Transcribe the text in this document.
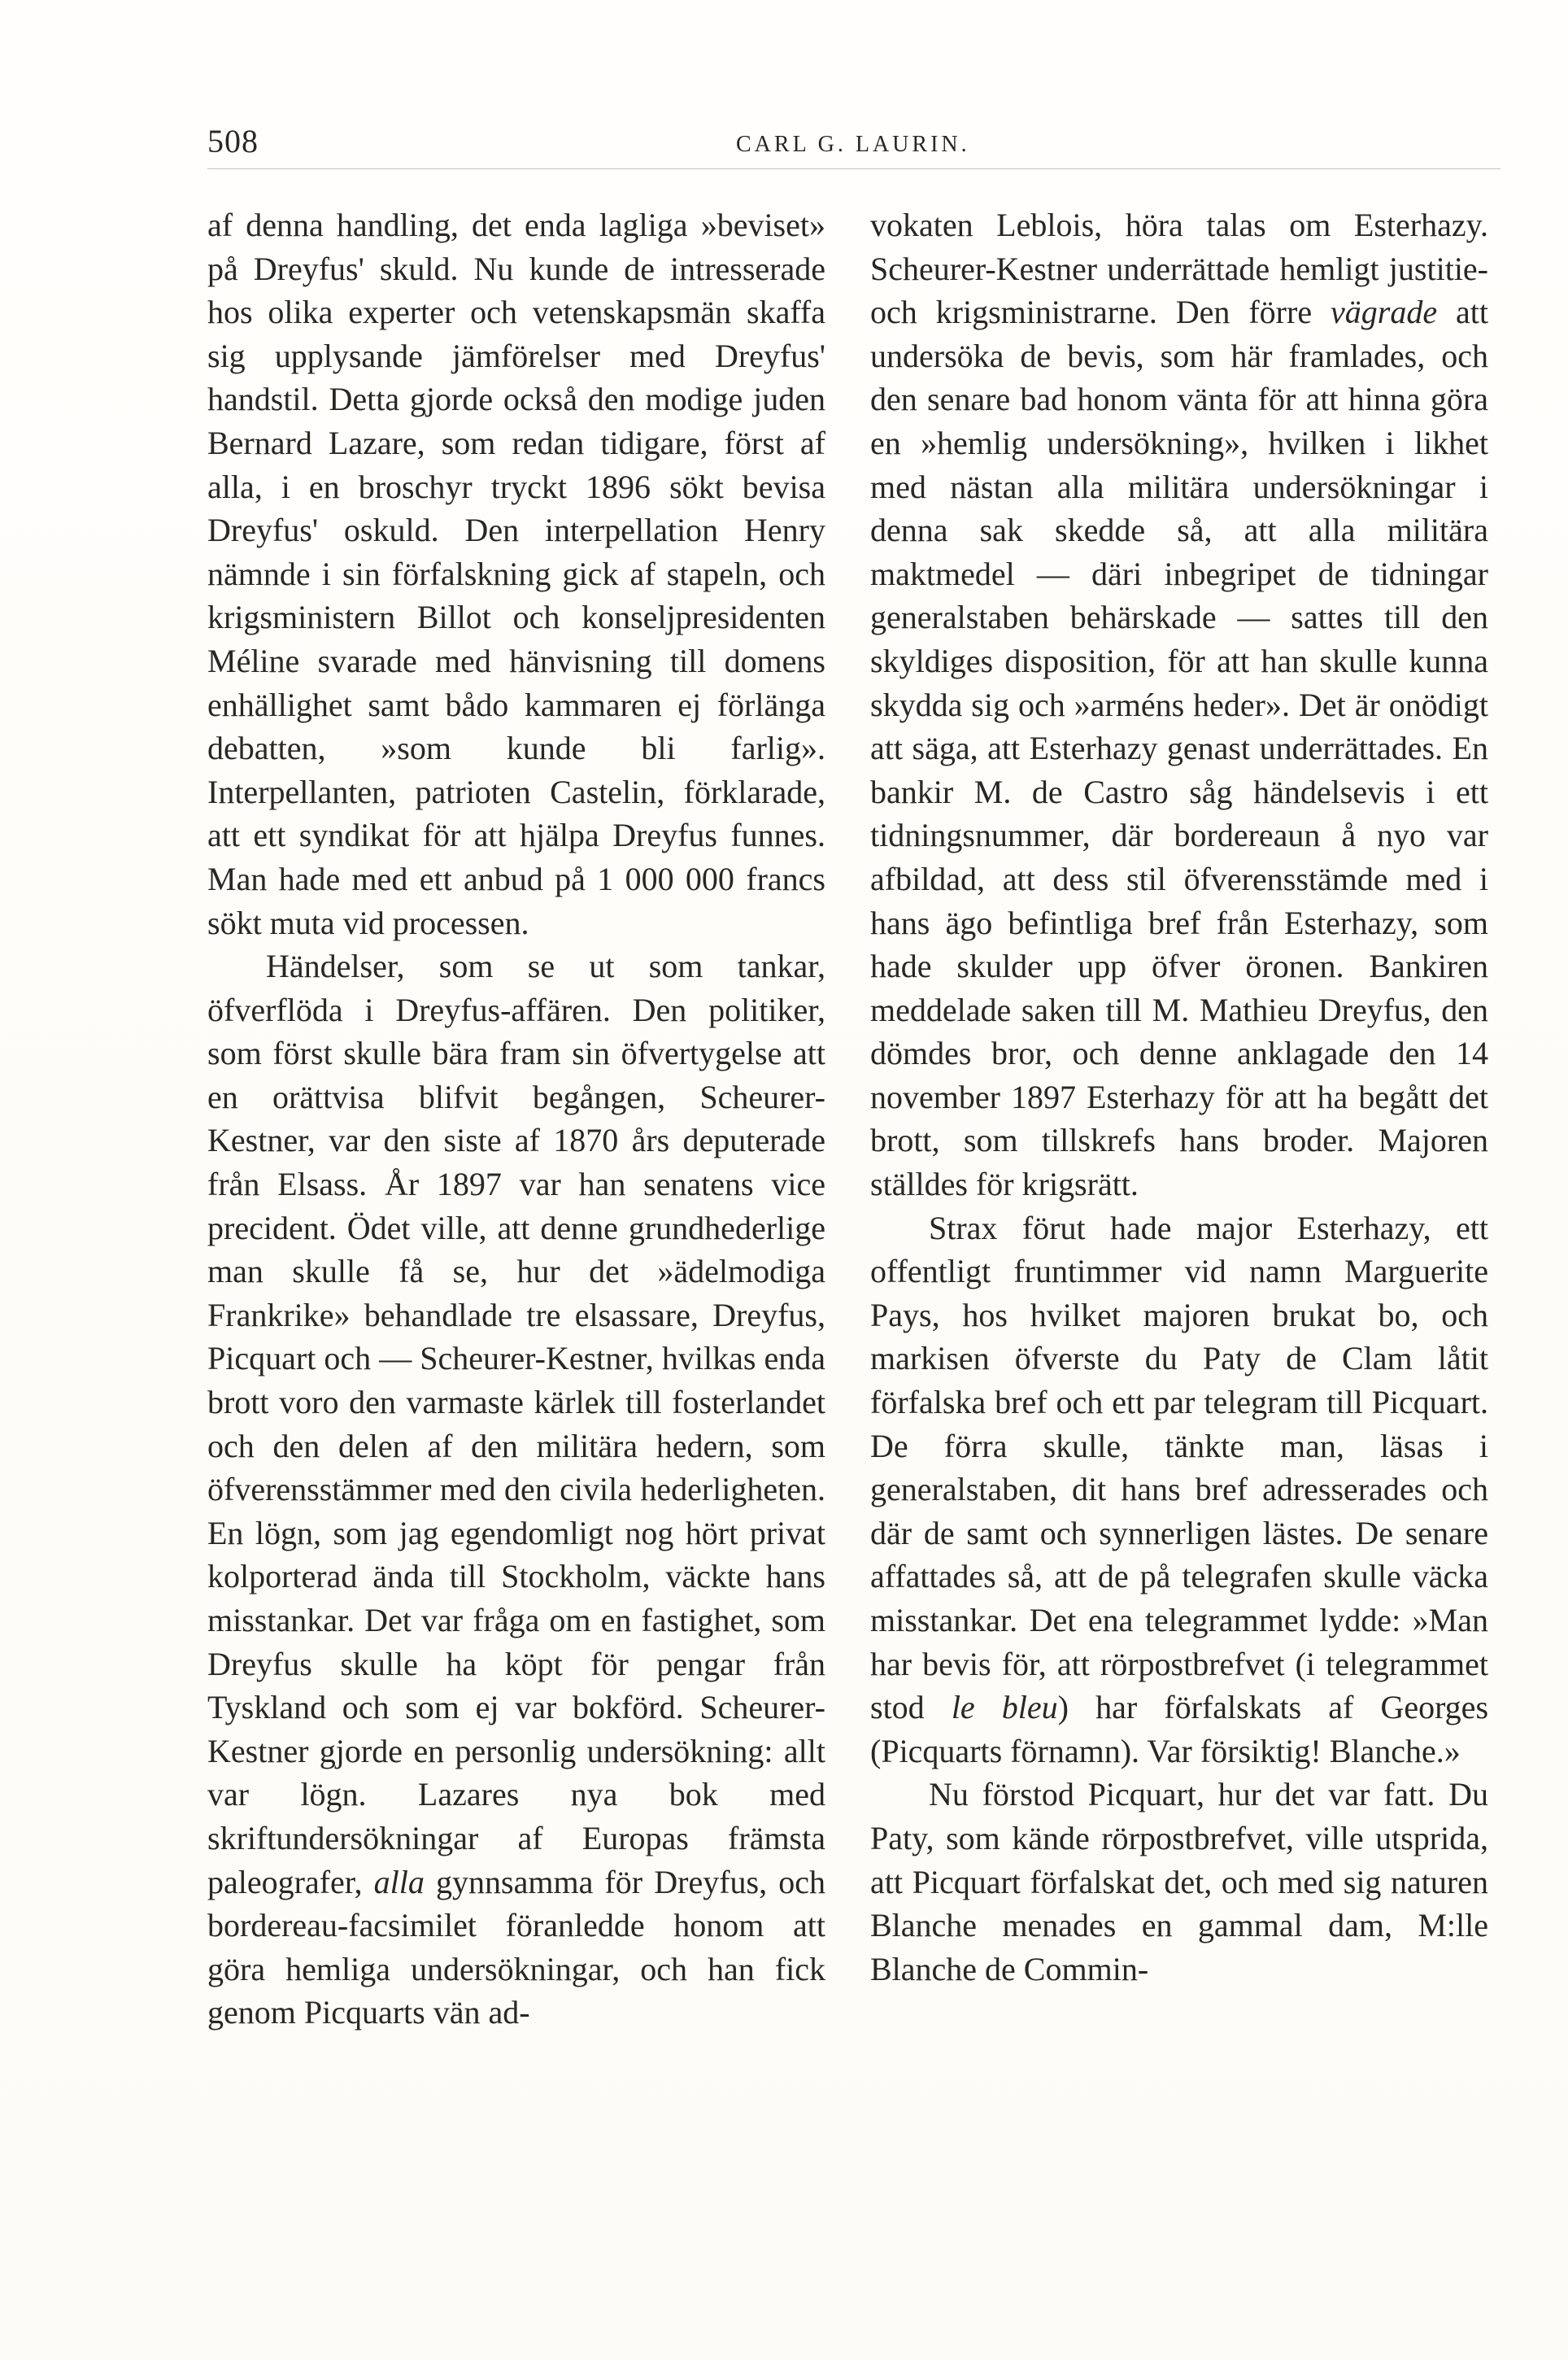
508	CARL G. LAURIN.

af denna handling, det enda lagliga »beviset» på Dreyfus' skuld. Nu kunde de intresserade hos olika experter och vetenskapsmän skaffa sig upplysande jämförelser med Dreyfus' handstil. Detta gjorde också den modige juden Bernard Lazare, som redan tidigare, först af alla, i en broschyr tryckt 1896 sökt bevisa Dreyfus' oskuld. Den interpellation Henry nämnde i sin förfalskning gick af stapeln, och krigsministern Billot och konseljpresidenten Méline svarade med hänvisning till domens enhällighet samt bådo kammaren ej förlänga debatten, »som kunde bli farlig». Interpellanten, patrioten Castelin, förklarade, att ett syndikat för att hjälpa Dreyfus funnes. Man hade med ett anbud på 1 000 000 francs sökt muta vid processen.

Händelser, som se ut som tankar, öfverflöda i Dreyfus-affären. Den politiker, som först skulle bära fram sin öfvertygelse att en orättvisa blifvit begången, Scheurer-Kestner, var den siste af 1870 års deputerade från Elsass. År 1897 var han senatens vice precident. Ödet ville, att denne grundhederlige man skulle få se, hur det »ädelmodiga Frankrike» behandlade tre elsassare, Dreyfus, Picquart och — Scheurer-Kestner, hvilkas enda brott voro den varmaste kärlek till fosterlandet och den delen af den militära hedern, som öfverensstämmer med den civila hederligheten. En lögn, som jag egendomligt nog hört privat kolporterad ända till Stockholm, väckte hans misstankar. Det var fråga om en fastighet, som Dreyfus skulle ha köpt för pengar från Tyskland och som ej var bokförd. Scheurer-Kestner gjorde en personlig undersökning: allt var lögn. Lazares nya bok med skriftundersökningar af Europas främsta paleografer, alla gynnsamma för Dreyfus, och bordereau-facsimilet föranledde honom att göra hemliga undersökningar, och han fick genom Picquarts vän ad-

vokaten Leblois, höra talas om Esterhazy. Scheurer-Kestner underrättade hemligt justitie- och krigsministrarne. Den förre vägrade att undersöka de bevis, som här framlades, och den senare bad honom vänta för att hinna göra en »hemlig undersökning», hvilken i likhet med nästan alla militära undersökningar i denna sak skedde så, att alla militära maktmedel — däri inbegripet de tidningar generalstaben behärskade — sattes till den skyldiges disposition, för att han skulle kunna skydda sig och »arméns heder». Det är onödigt att säga, att Esterhazy genast underrättades. En bankir M. de Castro såg händelsevis i ett tidningsnummer, där bordereaun å nyo var afbildad, att dess stil öfverensstämde med i hans ägo befintliga bref från Esterhazy, som hade skulder upp öfver öronen. Bankiren meddelade saken till M. Mathieu Dreyfus, den dömdes bror, och denne anklagade den 14 november 1897 Esterhazy för att ha begått det brott, som tillskrefs hans broder. Majoren ställdes för krigsrätt.

Strax förut hade major Esterhazy, ett offentligt fruntimmer vid namn Marguerite Pays, hos hvilket majoren brukat bo, och markisen öfverste du Paty de Clam låtit förfalska bref och ett par telegram till Picquart. De förra skulle, tänkte man, läsas i generalstaben, dit hans bref adresserades och där de samt och synnerligen lästes. De senare affattades så, att de på telegrafen skulle väcka misstankar. Det ena telegrammet lydde: »Man har bevis för, att rörpostbrefvet (i telegrammet stod le bleu) har förfalskats af Georges (Picquarts förnamn). Var försiktig! Blanche.»

Nu förstod Picquart, hur det var fatt. Du Paty, som kände rörpostbrefvet, ville utsprida, att Picquart förfalskat det, och med sig naturen Blanche menades en gammal dam, M:lle Blanche de Commin-
